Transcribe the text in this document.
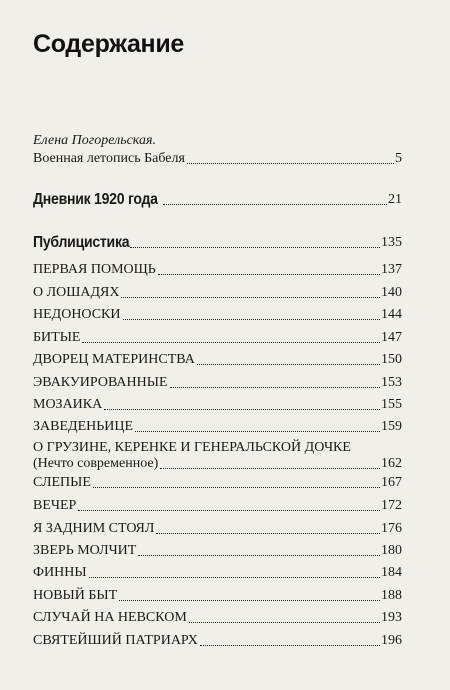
Содержание
Елена Погорельская.
Военная летопись Бабеля	5
Дневник 1920 года	21
Публицистика	135
ПЕРВАЯ ПОМОЩЬ	137
О ЛОШАДЯХ	140
НЕДОНОСКИ	144
БИТЫЕ	147
ДВОРЕЦ МАТЕРИНСТВА	150
ЭВАКУИРОВАННЫЕ	153
МОЗАИКА	155
ЗАВЕДЕНЬИЦЕ	159
О ГРУЗИНЕ, КЕРЕНКЕ И ГЕНЕРАЛЬСКОЙ ДОЧКЕ
(Нечто современное)	162
СЛЕПЫЕ	167
ВЕЧЕР	172
Я ЗАДНИМ СТОЯЛ	176
ЗВЕРЬ МОЛЧИТ	180
ФИННЫ	184
НОВЫЙ БЫТ	188
СЛУЧАЙ НА НЕВСКОМ	193
СВЯТЕЙШИЙ ПАТРИАРХ	196
